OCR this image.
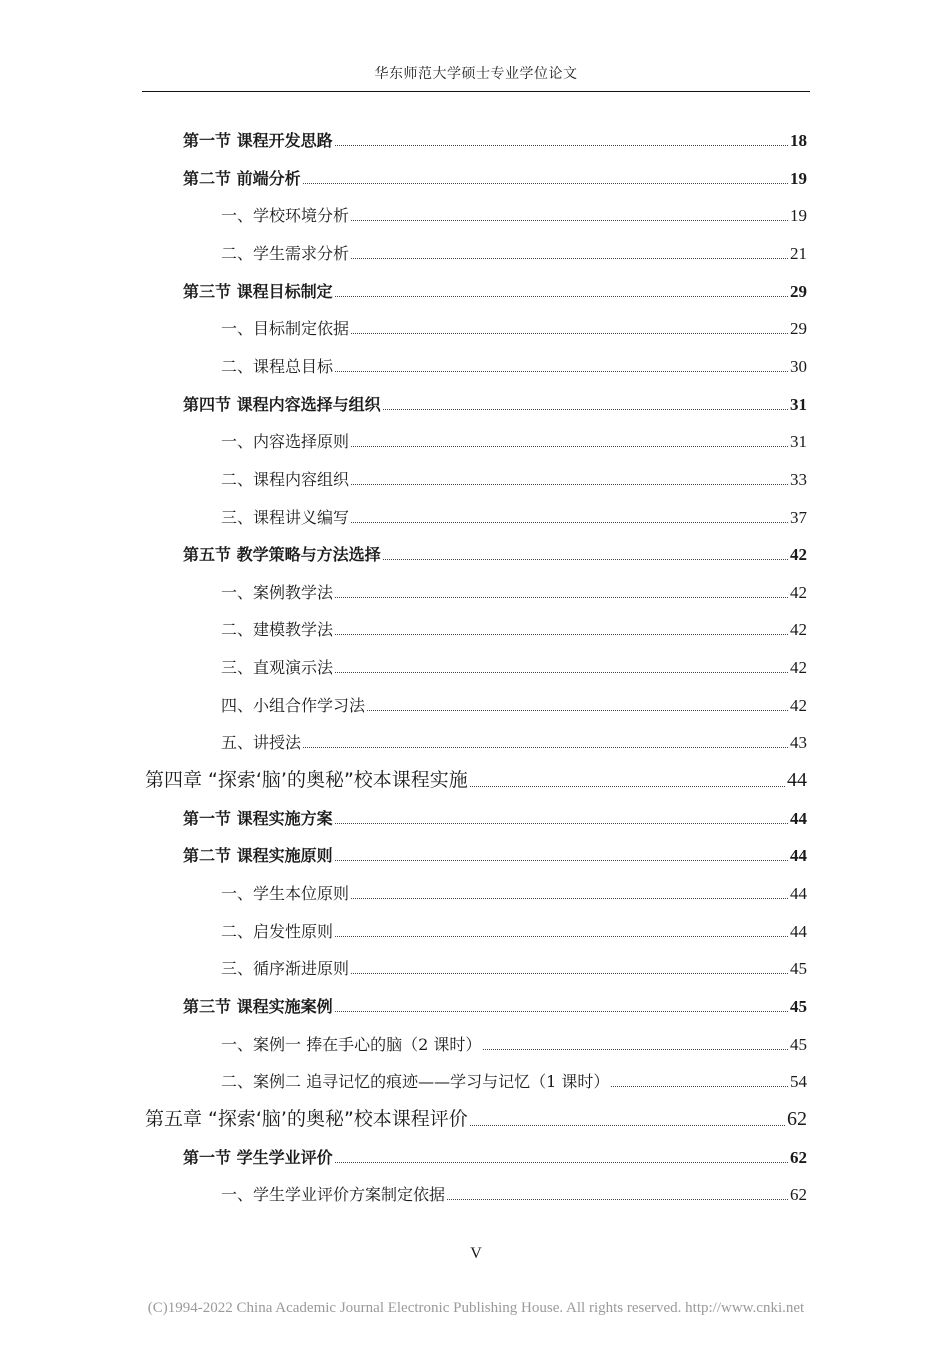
华东师范大学硕士专业学位论文
第一节 课程开发思路	18
第二节 前端分析	19
一、学校环境分析	19
二、学生需求分析	21
第三节 课程目标制定	29
一、目标制定依据	29
二、课程总目标	30
第四节 课程内容选择与组织	31
一、内容选择原则	31
二、课程内容组织	33
三、课程讲义编写	37
第五节 教学策略与方法选择	42
一、案例教学法	42
二、建模教学法	42
三、直观演示法	42
四、小组合作学习法	42
五、讲授法	43
第四章 “探索‘脑’的奥秘”校本课程实施	44
第一节 课程实施方案	44
第二节 课程实施原则	44
一、学生本位原则	44
二、启发性原则	44
三、循序渐进原则	45
第三节 课程实施案例	45
一、案例一 捧在手心的脑（2 课时）	45
二、案例二 追寻记忆的痕迹——学习与记忆（1 课时）	54
第五章 “探索‘脑’的奥秘”校本课程评价	62
第一节 学生学业评价	62
一、学生学业评价方案制定依据	62
V
(C)1994-2022 China Academic Journal Electronic Publishing House. All rights reserved. http://www.cnki.net
